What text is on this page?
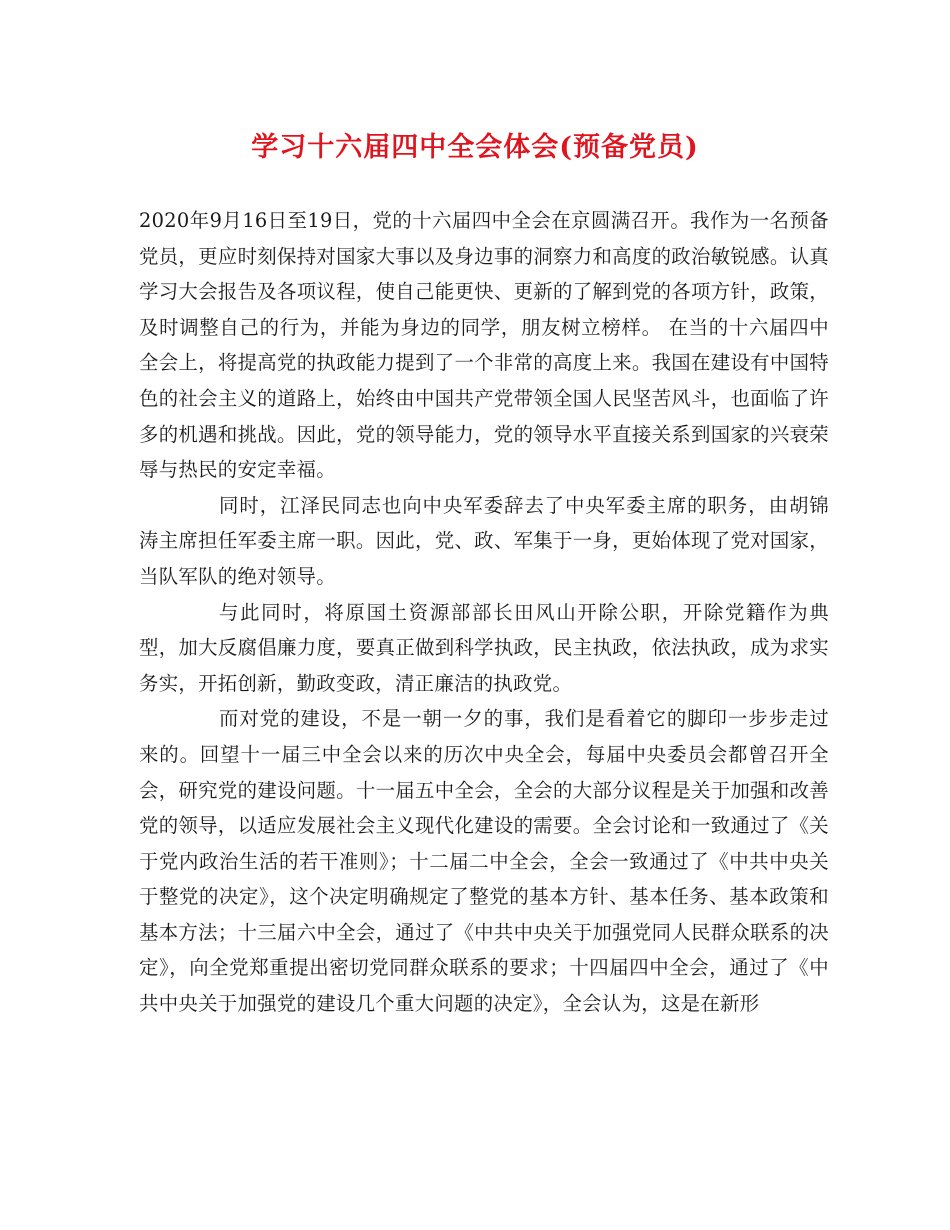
学习十六届四中全会体会(预备党员)

2020年9月16日至19日，党的十六届四中全会在京圆满召开。我作为一名预备党员，更应时刻保持对国家大事以及身边事的洞察力和高度的政治敏锐感。认真学习大会报告及各项议程，使自己能更快、更新的了解到党的各项方针，政策，及时调整自己的行为，并能为身边的同学，朋友树立榜样。 在当的十六届四中全会上，将提高党的执政能力提到了一个非常的高度上来。我国在建设有中国特色的社会主义的道路上，始终由中国共产党带领全国人民坚苦风斗，也面临了许多的机遇和挑战。因此，党的领导能力，党的领导水平直接关系到国家的兴衰荣辱与热民的安定幸福。

同时，江泽民同志也向中央军委辞去了中央军委主席的职务，由胡锦涛主席担任军委主席一职。因此，党、政、军集于一身，更始体现了党对国家，当队军队的绝对领导。

与此同时，将原国土资源部部长田风山开除公职，开除党籍作为典型，加大反腐倡廉力度，要真正做到科学执政，民主执政，依法执政，成为求实务实，开拓创新，勤政变政，清正廉洁的执政党。

而对党的建设，不是一朝一夕的事，我们是看着它的脚印一步步走过来的。回望十一届三中全会以来的历次中央全会，每届中央委员会都曾召开全会，研究党的建设问题。十一届五中全会，全会的大部分议程是关于加强和改善党的领导，以适应发展社会主义现代化建设的需要。全会讨论和一致通过了《关于党内政治生活的若干准则》；十二届二中全会，全会一致通过了《中共中央关于整党的决定》，这个决定明确规定了整党的基本方针、基本任务、基本政策和基本方法；十三届六中全会，通过了《中共中央关于加强党同人民群众联系的决定》，向全党郑重提出密切党同群众联系的要求；十四届四中全会，通过了《中共中央关于加强党的建设几个重大问题的决定》，全会认为，这是在新形
